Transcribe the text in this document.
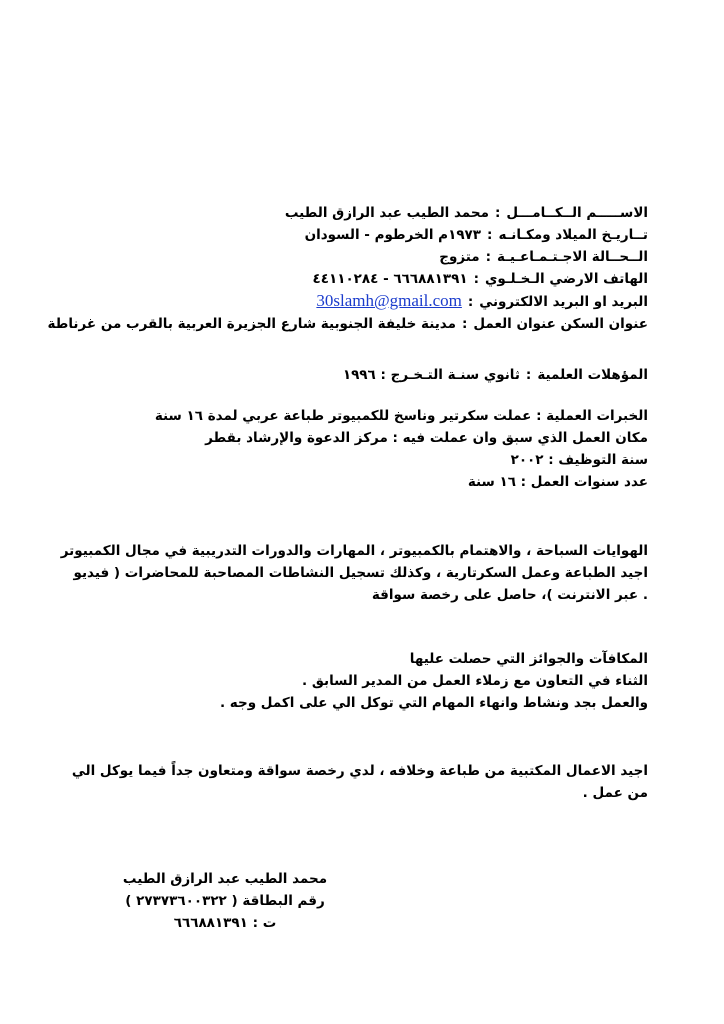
الاســـــم الــكــامـــل:محمد الطيب عبد الرازق الطيب
تــاريـخ الميلاد ومكـانـه:١٩٧٣م الخرطوم - السودان
الــحــالة الاجـتـمـاعـيـة:متزوج
الهاتف الارضي الـخـلـوي:٦٦٦٨٨١٣٩١ - ٤٤١١٠٢٨٤
البريد او البريد الالكتروني:30slamh@gmail.com
عنوان السكن عنوان العمل:مدينة خليفة الجنوبية شارع الجزيرة العربية بالقرب من غرناطة
المؤهلات العلمية:ثانوي سنـة التـخـرج : ١٩٩٦
الخبرات العملية : عملت سكرتير وناسخ للكمبيوتر طباعة عربي لمدة ١٦ سنة
مكان العمل الذي سبق وان عملت فيه : مركز الدعوة والإرشاد بقطر
سنة التوظيف : ٢٠٠٢
عدد سنوات العمل : ١٦ سنة
الهوايات السباحة ، والاهتمام بالكمبيوتر ، المهارات والدورات التدريبية في مجال الكمبيوتر
اجيد الطباعة وعمل السكرتارية ، وكذلك تسجيل النشاطات المصاحبة للمحاضرات ( فيديو
. عبر الانترنت )، حاصل على رخصة سواقة
المكافآت والجوائز التي حصلت عليها
الثناء في التعاون مع زملاء العمل من المدير السابق .
والعمل بجد ونشاط وانهاء المهام التي توكل الي على اكمل وجه .
اجيد الاعمال المكتبية من طباعة وخلافه ، لدي رخصة سواقة ومتعاون جداً فيما يوكل الي
من عمل .
محمد الطيب عبد الرازق الطيب
رقم البطاقة ( ٢٧٣٧٣٦٠٠٣٢٢ )
ت : ٦٦٦٨٨١٣٩١
